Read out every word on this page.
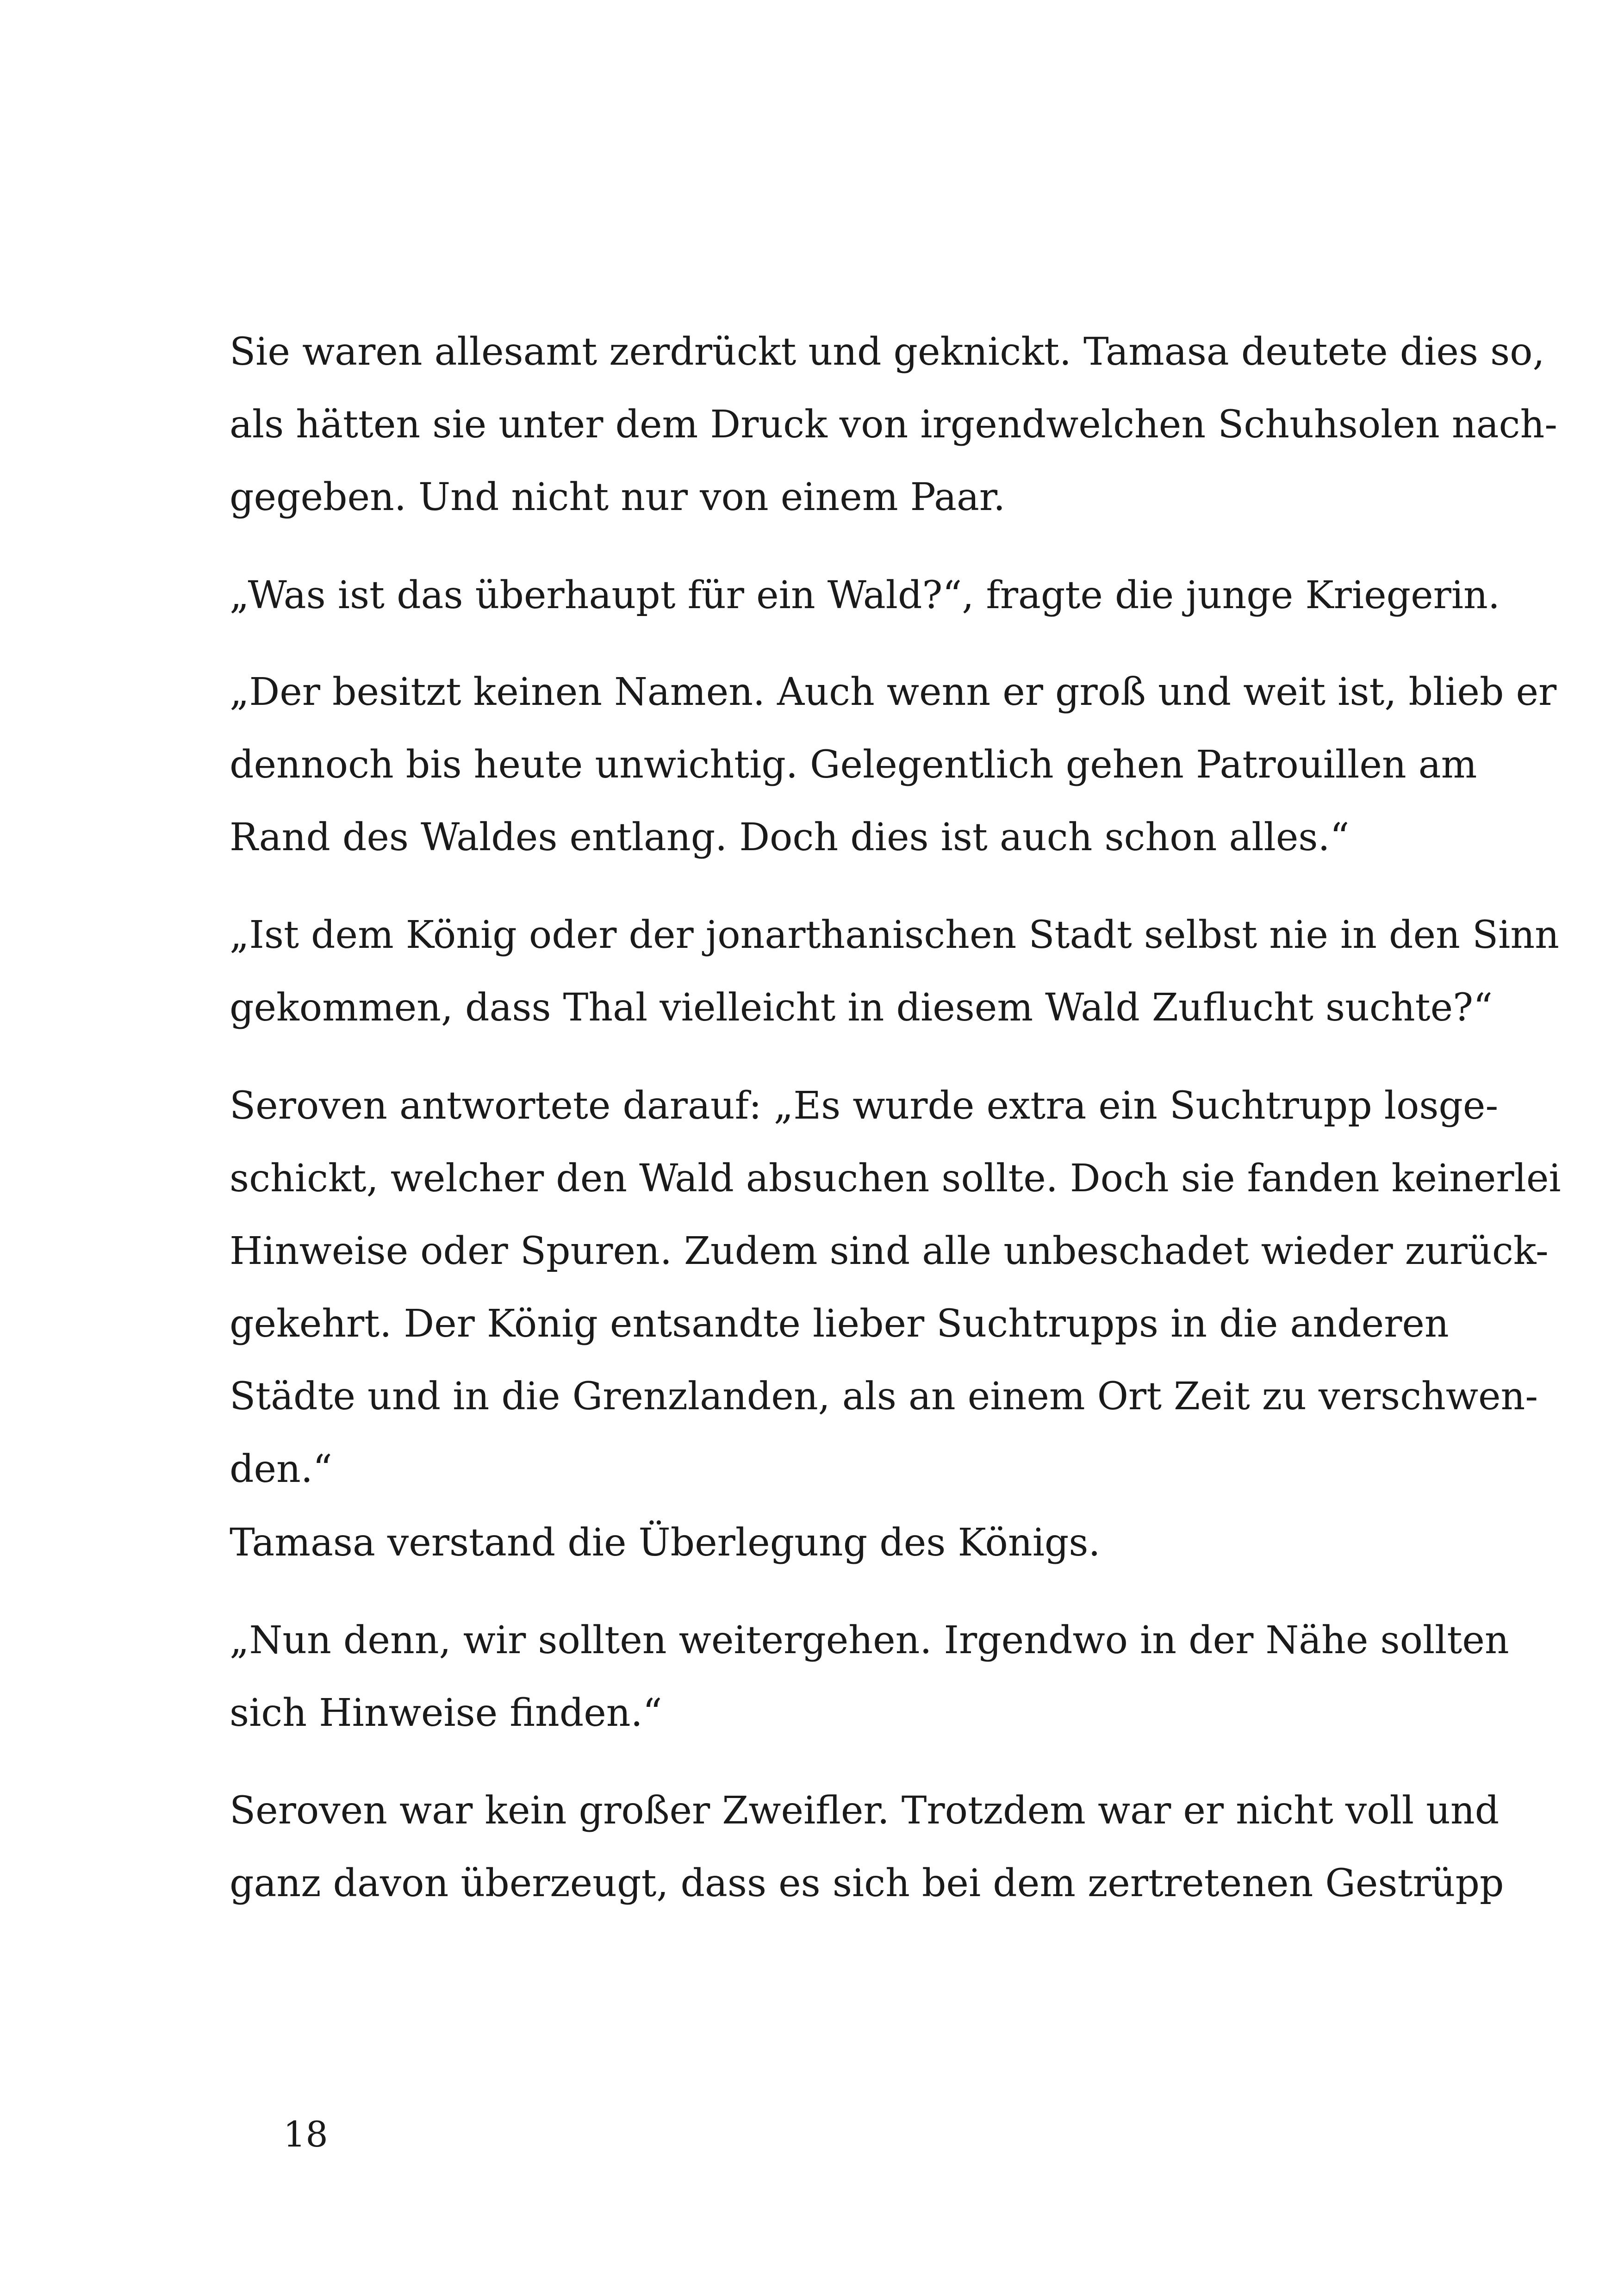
Sie waren allesamt zerdrückt und geknickt. Tamasa deutete dies so,
als hätten sie unter dem Druck von irgendwelchen Schuhsolen nach-
gegeben. Und nicht nur von einem Paar.

„Was ist das überhaupt für ein Wald?“, fragte die junge Kriegerin.

„Der besitzt keinen Namen. Auch wenn er groß und weit ist, blieb er
dennoch bis heute unwichtig. Gelegentlich gehen Patrouillen am
Rand des Waldes entlang. Doch dies ist auch schon alles.“

„Ist dem König oder der jonarthanischen Stadt selbst nie in den Sinn
gekommen, dass Thal vielleicht in diesem Wald Zuflucht suchte?“

Seroven antwortete darauf: „Es wurde extra ein Suchtrupp losge-
schickt, welcher den Wald absuchen sollte. Doch sie fanden keinerlei
Hinweise oder Spuren. Zudem sind alle unbeschadet wieder zurück-
gekehrt. Der König entsandte lieber Suchtrupps in die anderen
Städte und in die Grenzlanden, als an einem Ort Zeit zu verschwen-
den.“

Tamasa verstand die Überlegung des Königs.

„Nun denn, wir sollten weitergehen. Irgendwo in der Nähe sollten
sich Hinweise finden.“

Seroven war kein großer Zweifler. Trotzdem war er nicht voll und
ganz davon überzeugt, dass es sich bei dem zertretenen Gestrüpp

18
